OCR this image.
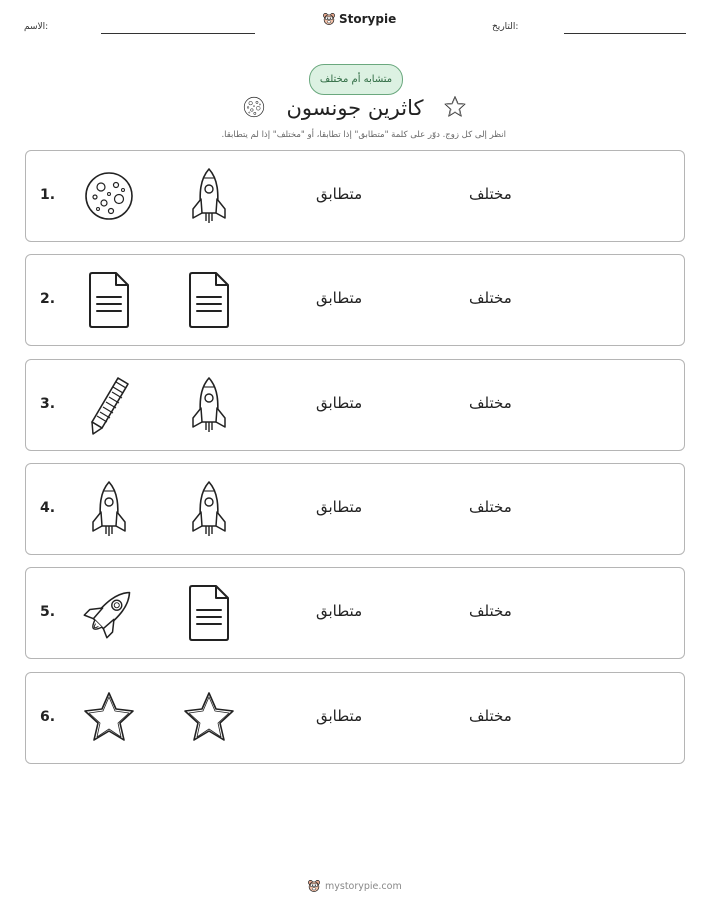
الاسم:
Storypie
التاريخ:
متشابه أم مختلف
كاثرين جونسون
انظر إلى كل زوج. دوّر على كلمة "متطابق" إذا تطابقا، أو "مختلف" إذا لم يتطابقا.
1.	متطابق	مختلف
2.	متطابق	مختلف
3.	متطابق	مختلف
4.	متطابق	مختلف
5.	متطابق	مختلف
6.	متطابق	مختلف
mystorypie.com
